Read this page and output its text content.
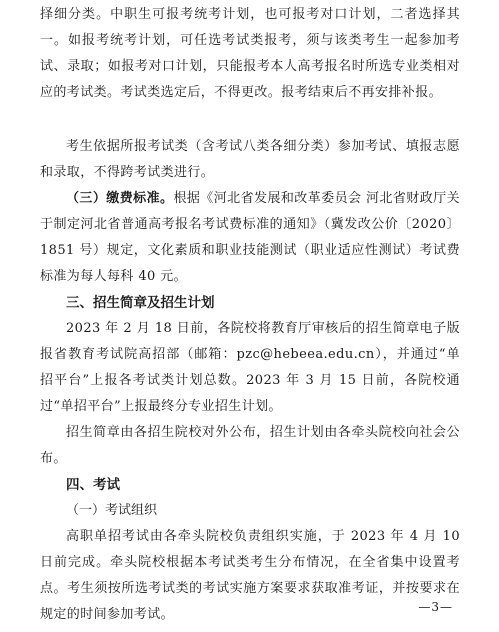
择细分类。中职生可报考统考计划，也可报考对口计划，二者选择其一。如报考统考计划，可任选考试类报考，须与该类考生一起参加考试、录取；如报考对口计划，只能报考本人高考报名时所选专业类相对应的考试类。考试类选定后，不得更改。报考结束后不再安排补报。

考生依据所报考试类（含考试八类各细分类）参加考试、填报志愿和录取，不得跨考试类进行。

（三）缴费标准。根据《河北省发展和改革委员会 河北省财政厅关于制定河北省普通高考报名考试费标准的通知》（冀发改公价〔2020〕1851 号）规定，文化素质和职业技能测试（职业适应性测试）考试费标准为每人每科 40 元。

三、招生简章及招生计划

2023 年 2 月 18 日前，各院校将教育厅审核后的招生简章电子版报省教育考试院高招部（邮箱：pzc@hebeea.edu.cn），并通过“单招平台”上报各考试类计划总数。2023 年 3 月 15 日前，各院校通过“单招平台”上报最终分专业招生计划。

招生简章由各招生院校对外公布，招生计划由各牵头院校向社会公布。

四、考试

（一）考试组织

高职单招考试由各牵头院校负责组织实施，于 2023 年 4 月 10 日前完成。牵头院校根据本考试类考生分布情况，在全省集中设置考点。考生须按所选考试类的考试实施方案要求获取准考证，并按要求在规定的时间参加考试。	—3—
